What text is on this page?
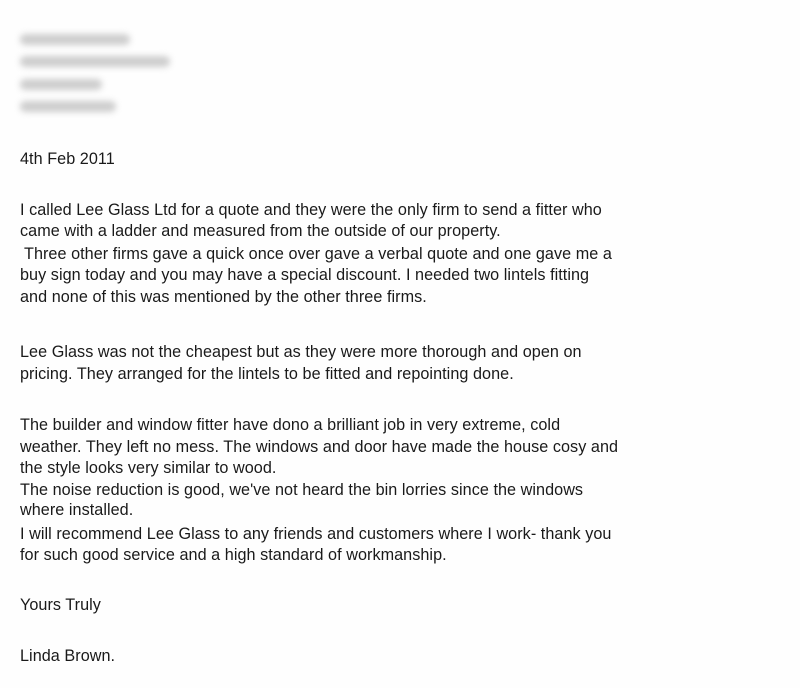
4th Feb 2011
I called Lee Glass Ltd for a quote and they were the only firm to send a fitter who
came with a ladder and measured from the outside of our property.
Three other firms gave a quick once over gave a verbal quote and one gave me a
buy sign today and you may have a special discount. I needed two lintels fitting
and none of this was mentioned by the other three firms.
Lee Glass was not the cheapest but as they were more thorough and open on
pricing. They arranged for the lintels to be fitted and repointing done.
The builder and window fitter have dono a brilliant job in very extreme, cold
weather. They left no mess. The windows and door have made the house cosy and
the style looks very similar to wood.
The noise reduction is good, we've not heard the bin lorries since the windows
where installed.
I will recommend Lee Glass to any friends and customers where I work- thank you
for such good service and a high standard of workmanship.
Yours Truly
Linda Brown.
